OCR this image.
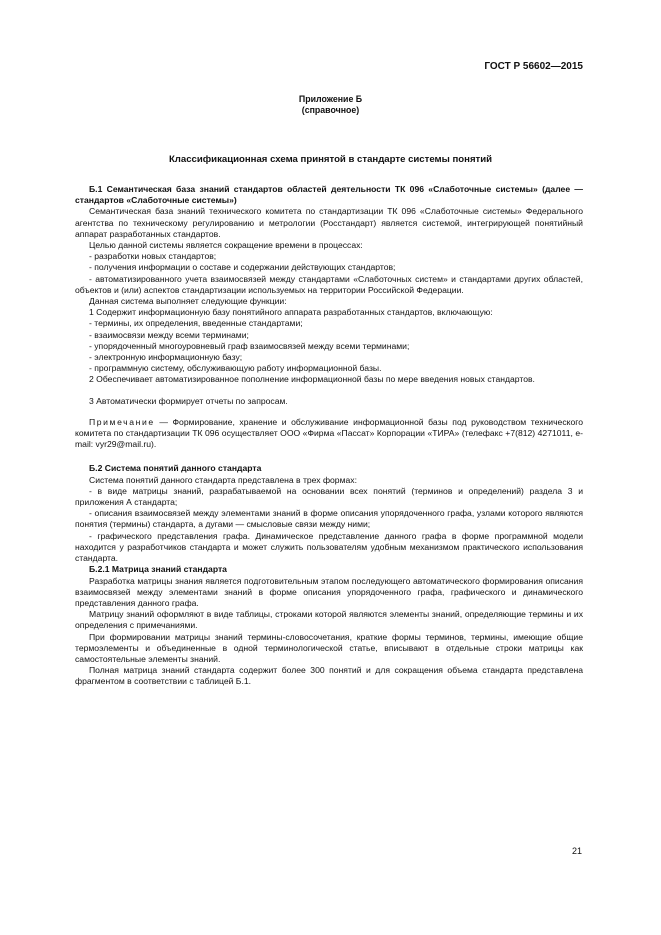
ГОСТ Р 56602—2015
Приложение Б
(справочное)
Классификационная схема принятой в стандарте системы понятий

Б.1 Семантическая база знаний стандартов областей деятельности ТК 096 «Слаботочные системы» (далее — стандартов «Слаботочные системы»)

Семантическая база знаний технического комитета по стандартизации ТК 096 «Слаботочные системы» Федерального агентства по техническому регулированию и метрологии (Росстандарт) является системой, интегрирующей понятийный аппарат разработанных стандартов.

Целью данной системы является сокращение времени в процессах:

- разработки новых стандартов;

- получения информации о составе и содержании действующих стандартов;

- автоматизированного учета взаимосвязей между стандартами «Слаботочных систем» и стандартами других областей, объектов и (или) аспектов стандартизации используемых на территории Российской Федерации.

Данная система выполняет следующие функции:

1 Содержит информационную базу понятийного аппарата разработанных стандартов, включающую:

- термины, их определения, введенные стандартами;

- взаимосвязи между всеми терминами;

- упорядоченный многоуровневый граф взаимосвязей между всеми терминами;

- электронную информационную базу;

- программную систему, обслуживающую работу информационной базы.

2 Обеспечивает автоматизированное пополнение информационной базы по мере введения новых стандартов.

3 Автоматически формирует отчеты по запросам.

Примечание — Формирование, хранение и обслуживание информационной базы под руководством технического комитета по стандартизации ТК 096 осуществляет ООО «Фирма «Пассат» Корпорации «ТИРА» (телефакс +7(812) 4271011, e-mail: vyr29@mail.ru).

Б.2 Система понятий данного стандарта

Система понятий данного стандарта представлена в трех формах:

- в виде матрицы знаний, разрабатываемой на основании всех понятий (терминов и определений) раздела 3 и приложения А стандарта;

- описания взаимосвязей между элементами знаний в форме описания упорядоченного графа, узлами которого являются понятия (термины) стандарта, а дугами — смысловые связи между ними;

- графического представления графа. Динамическое представление данного графа в форме программной модели находится у разработчиков стандарта и может служить пользователям удобным механизмом практического использования стандарта.

Б.2.1 Матрица знаний стандарта

Разработка матрицы знания является подготовительным этапом последующего автоматического формирования описания взаимосвязей между элементами знаний в форме описания упорядоченного графа, графического и динамического представления данного графа.

Матрицу знаний оформляют в виде таблицы, строками которой являются элементы знаний, определяющие термины и их определения с примечаниями.

При формировании матрицы знаний термины-словосочетания, краткие формы терминов, термины, имеющие общие термоэлементы и объединенные в одной терминологической статье, вписывают в отдельные строки матрицы как самостоятельные элементы знаний.

Полная матрица знаний стандарта содержит более 300 понятий и для сокращения объема стандарта представлена фрагментом в соответствии с таблицей Б.1.

21
